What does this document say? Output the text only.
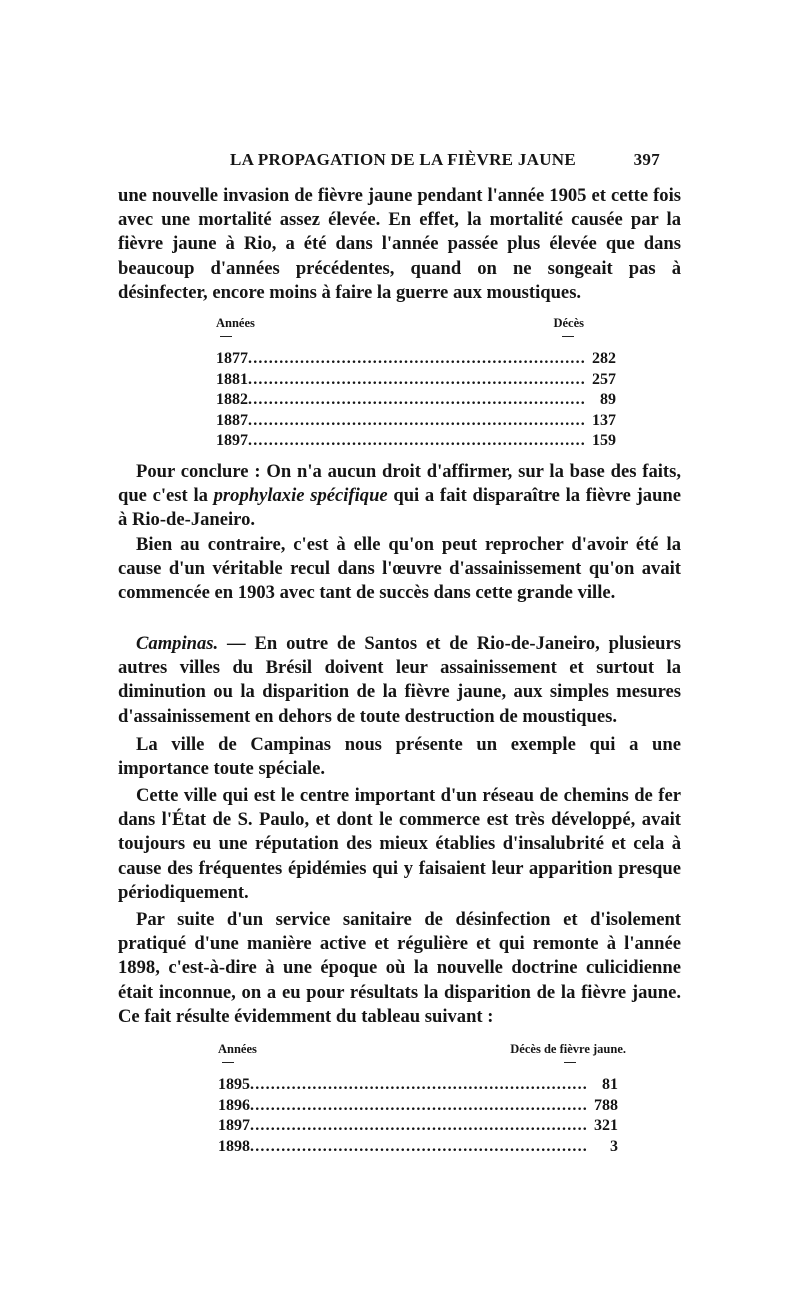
LA PROPAGATION DE LA FIÈVRE JAUNE	397

une nouvelle invasion de fièvre jaune pendant l'année 1905 et cette fois avec une mortalité assez élevée. En effet, la mortalité causée par la fièvre jaune à Rio, a été dans l'année passée plus élevée que dans beaucoup d'années précédentes, quand on ne songeait pas à désinfecter, encore moins à faire la guerre aux moustiques.

Années	Décès
1877 ................................................................. 282
1881 ................................................................. 257
1882 ................................................................. 89
1887 ................................................................. 137
1897 ................................................................. 159

Pour conclure : On n'a aucun droit d'affirmer, sur la base des faits, que c'est la prophylaxie spécifique qui a fait disparaître la fièvre jaune à Rio-de-Janeiro.

Bien au contraire, c'est à elle qu'on peut reprocher d'avoir été la cause d'un véritable recul dans l'œuvre d'assainissement qu'on avait commencée en 1903 avec tant de succès dans cette grande ville.

Campinas. — En outre de Santos et de Rio-de-Janeiro, plusieurs autres villes du Brésil doivent leur assainissement et surtout la diminution ou la disparition de la fièvre jaune, aux simples mesures d'assainissement en dehors de toute destruction de moustiques.

La ville de Campinas nous présente un exemple qui a une importance toute spéciale.

Cette ville qui est le centre important d'un réseau de chemins de fer dans l'État de S. Paulo, et dont le commerce est très développé, avait toujours eu une réputation des mieux établies d'insalubrité et cela à cause des fréquentes épidémies qui y faisaient leur apparition presque périodiquement.

Par suite d'un service sanitaire de désinfection et d'isolement pratiqué d'une manière active et régulière et qui remonte à l'année 1898, c'est-à-dire à une époque où la nouvelle doctrine culicidienne était inconnue, on a eu pour résultats la disparition de la fièvre jaune. Ce fait résulte évidemment du tableau suivant :

Années	Décès de fièvre jaune.
1895 ................................................................. 81
1896 ................................................................. 788
1897 ................................................................. 321
1898 .................................................................	3
